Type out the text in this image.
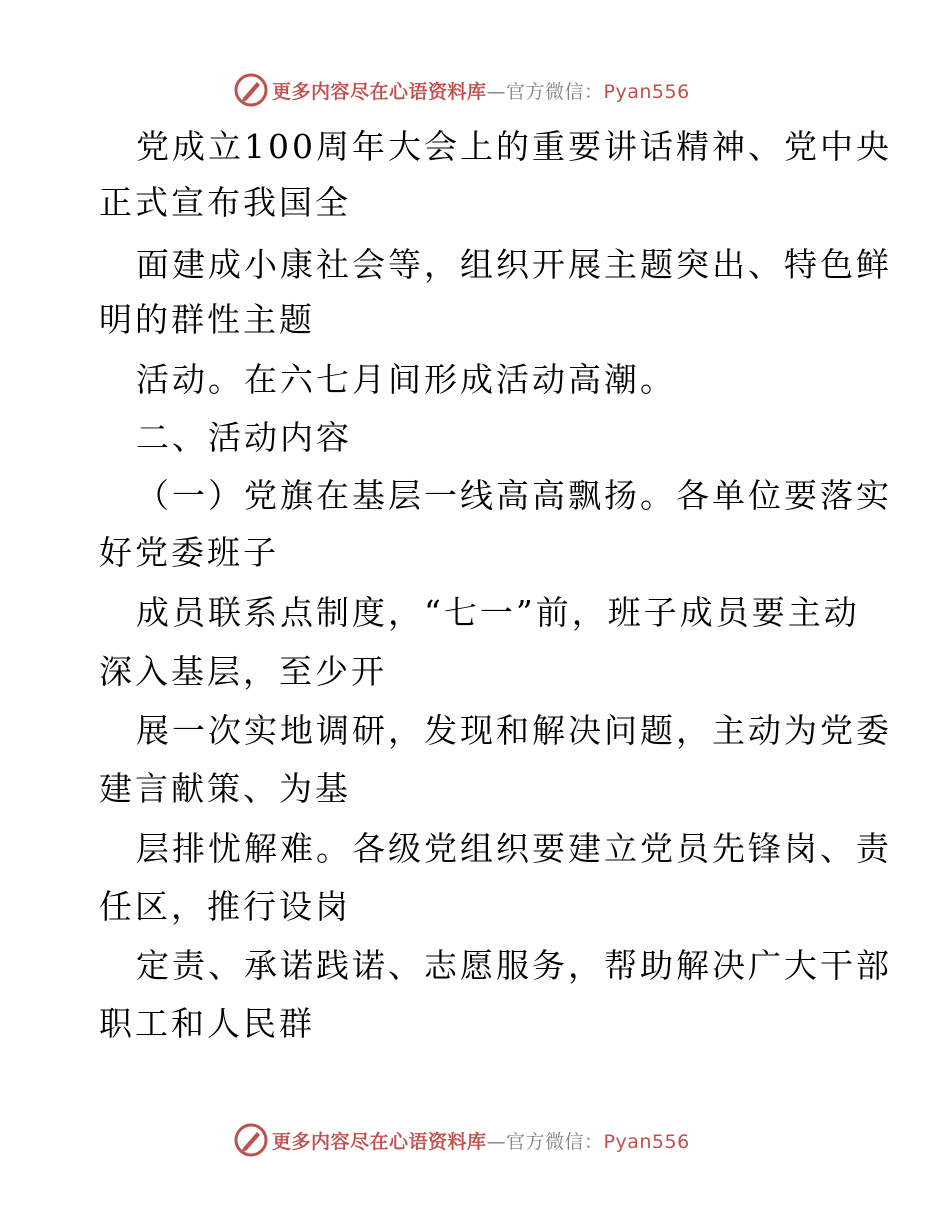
更多内容尽在心语资料库—官方微信：Pyan556
党成立100周年大会上的重要讲话精神、党中央
正式宣布我国全
面建成小康社会等，组织开展主题突出、特色鲜
明的群性主题
活动。在六七月间形成活动高潮。
二、活动内容
（一）党旗在基层一线高高飘扬。各单位要落实
好党委班子
成员联系点制度，“七一”前，班子成员要主动
深入基层，至少开
展一次实地调研，发现和解决问题，主动为党委
建言献策、为基
层排忧解难。各级党组织要建立党员先锋岗、责
任区，推行设岗
定责、承诺践诺、志愿服务，帮助解决广大干部
职工和人民群
更多内容尽在心语资料库—官方微信：Pyan556
